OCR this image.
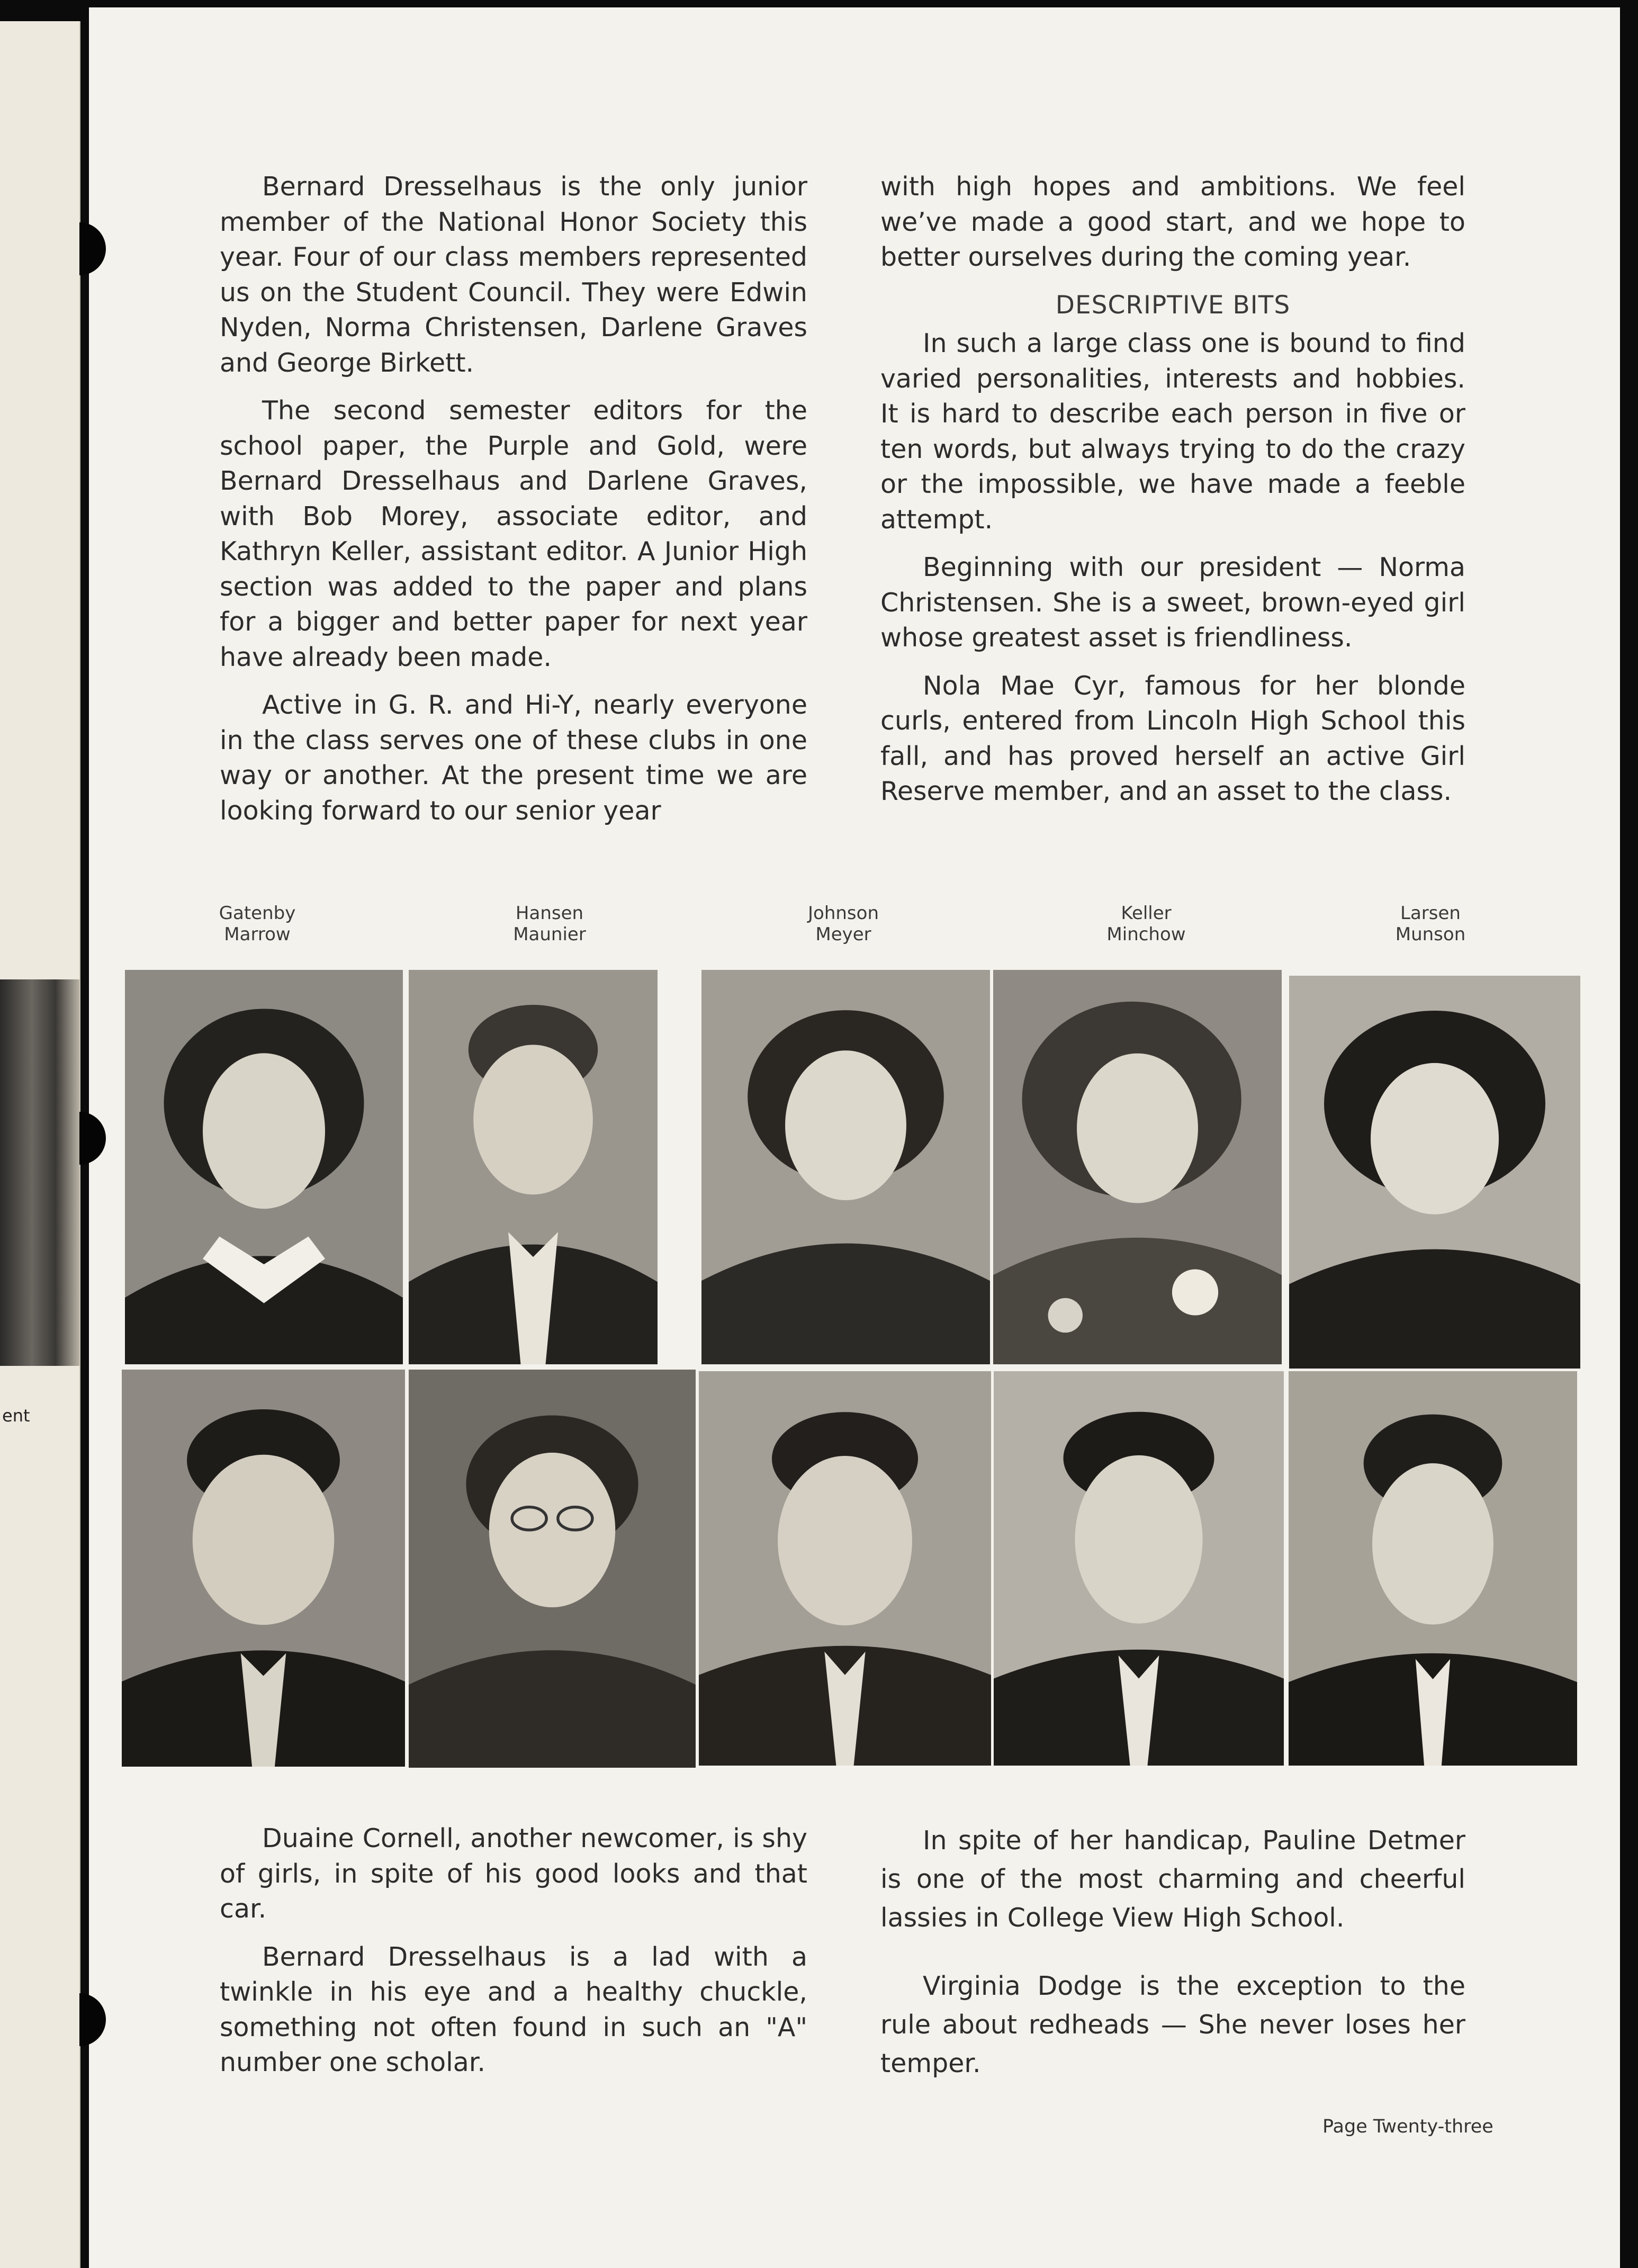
ent

Bernard Dresselhaus is the only junior member of the National Honor Society this year. Four of our class members represented us on the Student Council. They were Edwin Nyden, Norma Christensen, Darlene Graves and George Birkett.

The second semester editors for the school paper, the Purple and Gold, were Bernard Dresselhaus and Darlene Graves, with Bob Morey, associate editor, and Kathryn Keller, assistant editor. A Junior High section was added to the paper and plans for a bigger and better paper for next year have already been made.

Active in G. R. and Hi-Y, nearly everyone in the class serves one of these clubs in one way or another. At the present time we are looking forward to our senior year

with high hopes and ambitions. We feel we’ve made a good start, and we hope to better ourselves during the coming year.

DESCRIPTIVE BITS

In such a large class one is bound to find varied personalities, interests and hobbies. It is hard to describe each person in five or ten words, but always trying to do the crazy or the impossible, we have made a feeble attempt.

Beginning with our president — Norma Christensen. She is a sweet, brown-eyed girl whose greatest asset is friendliness.

Nola Mae Cyr, famous for her blonde curls, entered from Lincoln High School this fall, and has proved herself an active Girl Reserve member, and an asset to the class.

Gatenby
Marrow
Hansen
Maunier
Johnson
Meyer
Keller
Minchow
Larsen
Munson

Duaine Cornell, another newcomer, is shy of girls, in spite of his good looks and that car.

Bernard Dresselhaus is a lad with a twinkle in his eye and a healthy chuckle, something not often found in such an "A" number one scholar.

In spite of her handicap, Pauline Detmer is one of the most charming and cheerful lassies in College View High School.

Virginia Dodge is the exception to the rule about redheads — She never loses her temper.

Page Twenty-three
